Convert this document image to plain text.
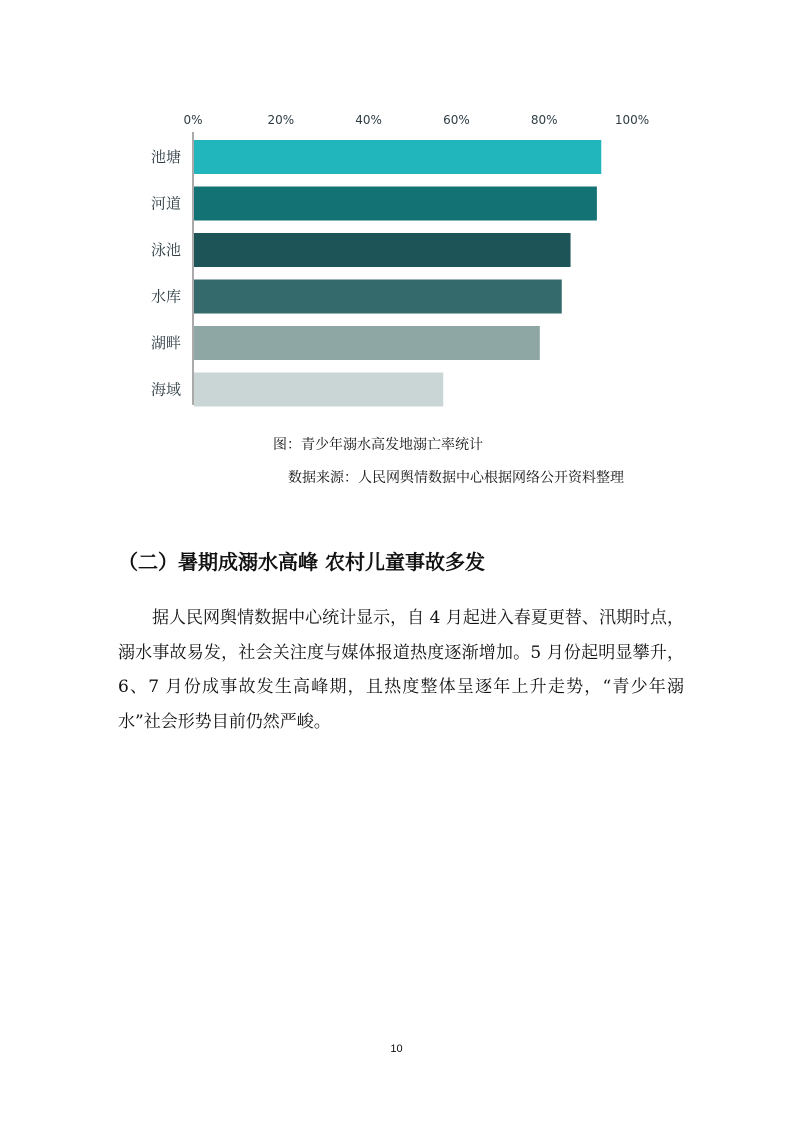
0%	20%	40%	60%	80%	100%
池塘
河道
泳池
水库
湖畔
海域
图：青少年溺水高发地溺亡率统计
数据来源：人民网舆情数据中心根据网络公开资料整理
（二）暑期成溺水高峰 农村儿童事故多发

据人民网舆情数据中心统计显示，自 4 月起进入春夏更替、汛期时点，溺水事故易发，社会关注度与媒体报道热度逐渐增加。5 月份起明显攀升，6、7 月份成事故发生高峰期，且热度整体呈逐年上升走势，“青少年溺水”社会形势目前仍然严峻。

10
